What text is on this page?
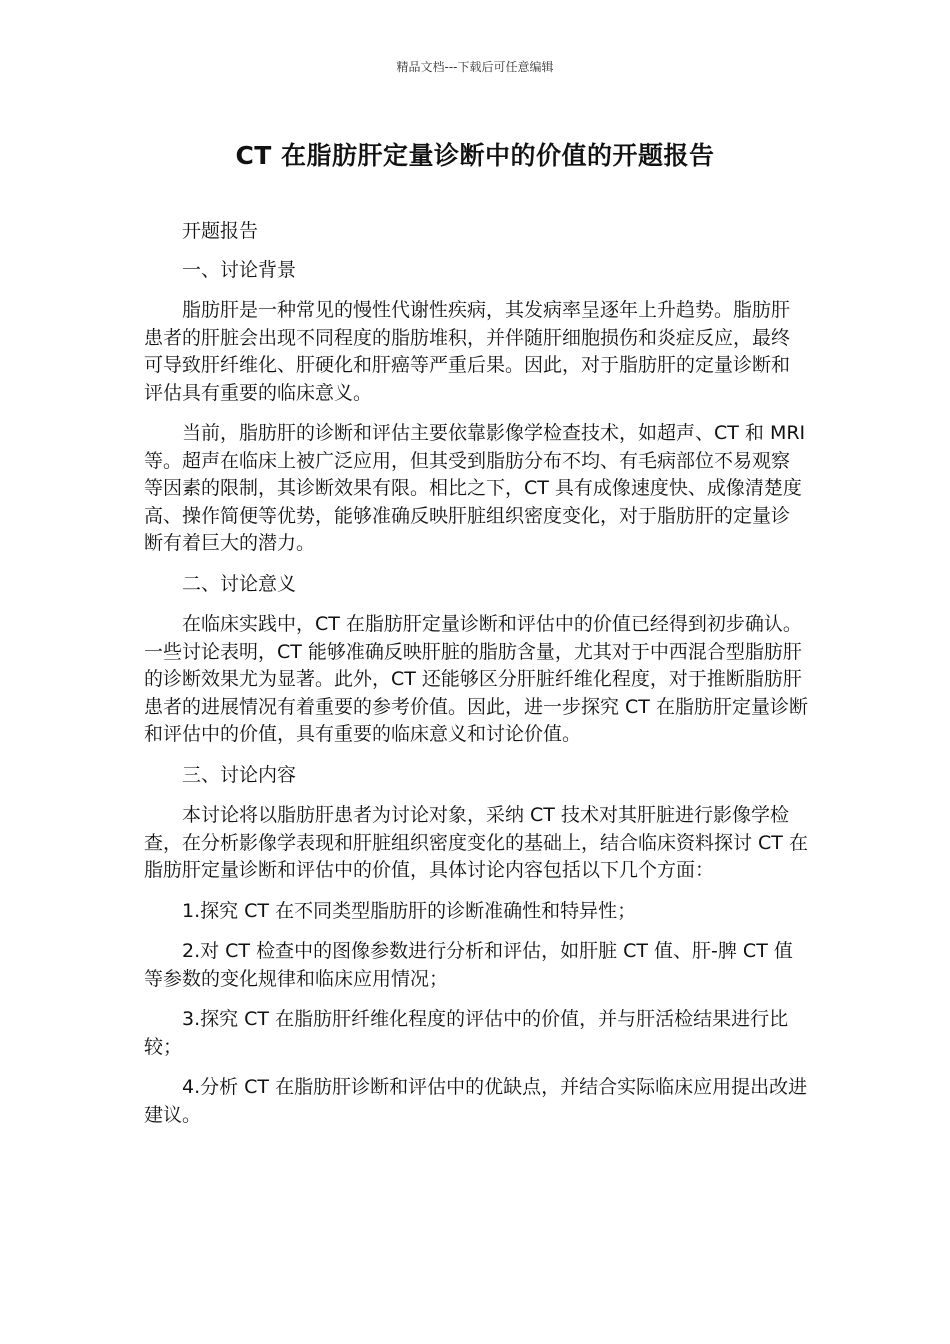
精品文档---下载后可任意编辑
CT 在脂肪肝定量诊断中的价值的开题报告

开题报告

一、讨论背景

脂肪肝是一种常见的慢性代谢性疾病，其发病率呈逐年上升趋势。脂肪肝患者的肝脏会出现不同程度的脂肪堆积，并伴随肝细胞损伤和炎症反应，最终可导致肝纤维化、肝硬化和肝癌等严重后果。因此，对于脂肪肝的定量诊断和评估具有重要的临床意义。

当前，脂肪肝的诊断和评估主要依靠影像学检查技术，如超声、CT 和 MRI 等。超声在临床上被广泛应用，但其受到脂肪分布不均、有毛病部位不易观察等因素的限制，其诊断效果有限。相比之下，CT 具有成像速度快、成像清楚度高、操作简便等优势，能够准确反映肝脏组织密度变化，对于脂肪肝的定量诊断有着巨大的潜力。

二、讨论意义

在临床实践中，CT 在脂肪肝定量诊断和评估中的价值已经得到初步确认。一些讨论表明，CT 能够准确反映肝脏的脂肪含量，尤其对于中西混合型脂肪肝的诊断效果尤为显著。此外，CT 还能够区分肝脏纤维化程度，对于推断脂肪肝患者的进展情况有着重要的参考价值。因此，进一步探究 CT 在脂肪肝定量诊断和评估中的价值，具有重要的临床意义和讨论价值。

三、讨论内容

本讨论将以脂肪肝患者为讨论对象，采纳 CT 技术对其肝脏进行影像学检查，在分析影像学表现和肝脏组织密度变化的基础上，结合临床资料探讨 CT 在脂肪肝定量诊断和评估中的价值，具体讨论内容包括以下几个方面：

1.探究 CT 在不同类型脂肪肝的诊断准确性和特异性；

2.对 CT 检查中的图像参数进行分析和评估，如肝脏 CT 值、肝-脾 CT 值等参数的变化规律和临床应用情况；

3.探究 CT 在脂肪肝纤维化程度的评估中的价值，并与肝活检结果进行比较；

4.分析 CT 在脂肪肝诊断和评估中的优缺点，并结合实际临床应用提出改进建议。
